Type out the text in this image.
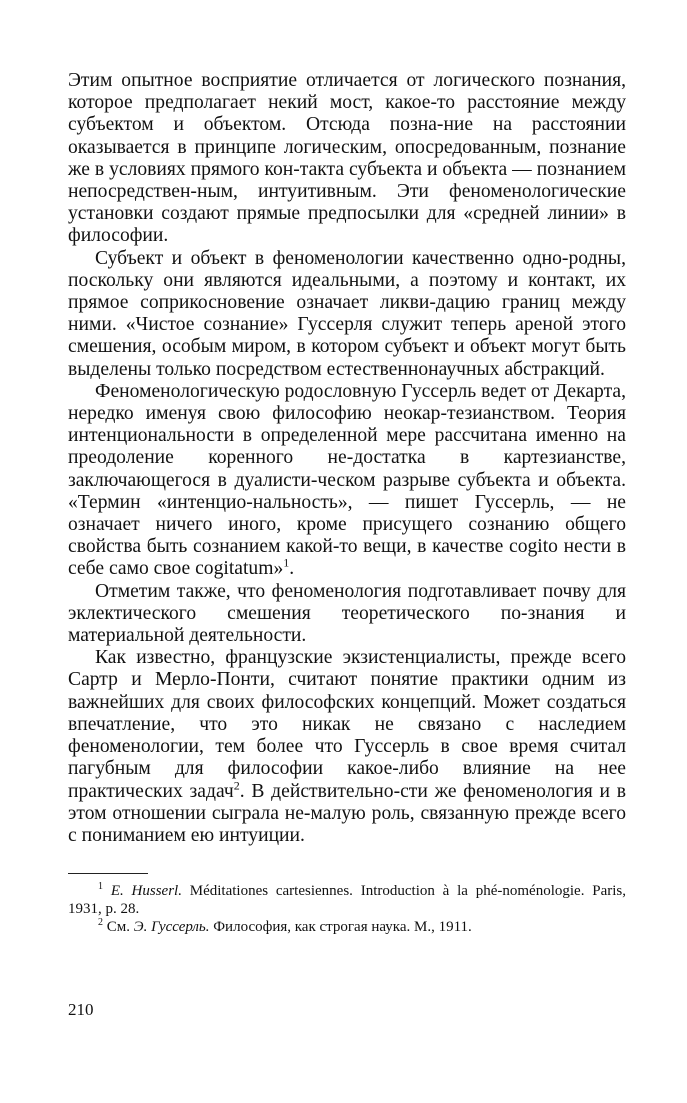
Этим опытное восприятие отличается от логического познания, которое предполагает некий мост, какое-то расстояние между субъектом и объектом. Отсюда позна-ние на расстоянии оказывается в принципе логическим, опосредованным, познание же в условиях прямого кон-такта субъекта и объекта — познанием непосредствен-ным, интуитивным. Эти феноменологические установки создают прямые предпосылки для «средней линии» в философии.

Субъект и объект в феноменологии качественно одно-родны, поскольку они являются идеальными, а поэтому и контакт, их прямое соприкосновение означает ликви-дацию границ между ними. «Чистое сознание» Гуссерля служит теперь ареной этого смешения, особым миром, в котором субъект и объект могут быть выделены только посредством естественнонаучных абстракций.

Феноменологическую родословную Гуссерль ведет от Декарта, нередко именуя свою философию неокар-тезианством. Теория интенциональности в определенной мере рассчитана именно на преодоление коренного не-достатка в картезианстве, заключающегося в дуалисти-ческом разрыве субъекта и объекта. «Термин «интенцио-нальность», — пишет Гуссерль, — не означает ничего иного, кроме присущего сознанию общего свойства быть сознанием какой-то вещи, в качестве cogito нести в себе само свое cogitatum»$^1$.

Отметим также, что феноменология подготавливает почву для эклектического смешения теоретического по-знания и материальной деятельности.

Как известно, французские экзистенциалисты, прежде всего Сартр и Мерло-Понти, считают понятие практики одним из важнейших для своих философских концепций. Может создаться впечатление, что это никак не связано с наследием феноменологии, тем более что Гуссерль в свое время считал пагубным для философии какое-либо влияние на нее практических задач$^2$. В действительно-сти же феноменология и в этом отношении сыграла не-малую роль, связанную прежде всего с пониманием ею интуиции.

$^1$ E. Husserl. Méditationes cartesiennes. Introduction à la phé-noménologie. Paris, 1931, p. 28.

$^2$ См. Э. Гуссерль. Философия, как строгая наука. М., 1911.

210
